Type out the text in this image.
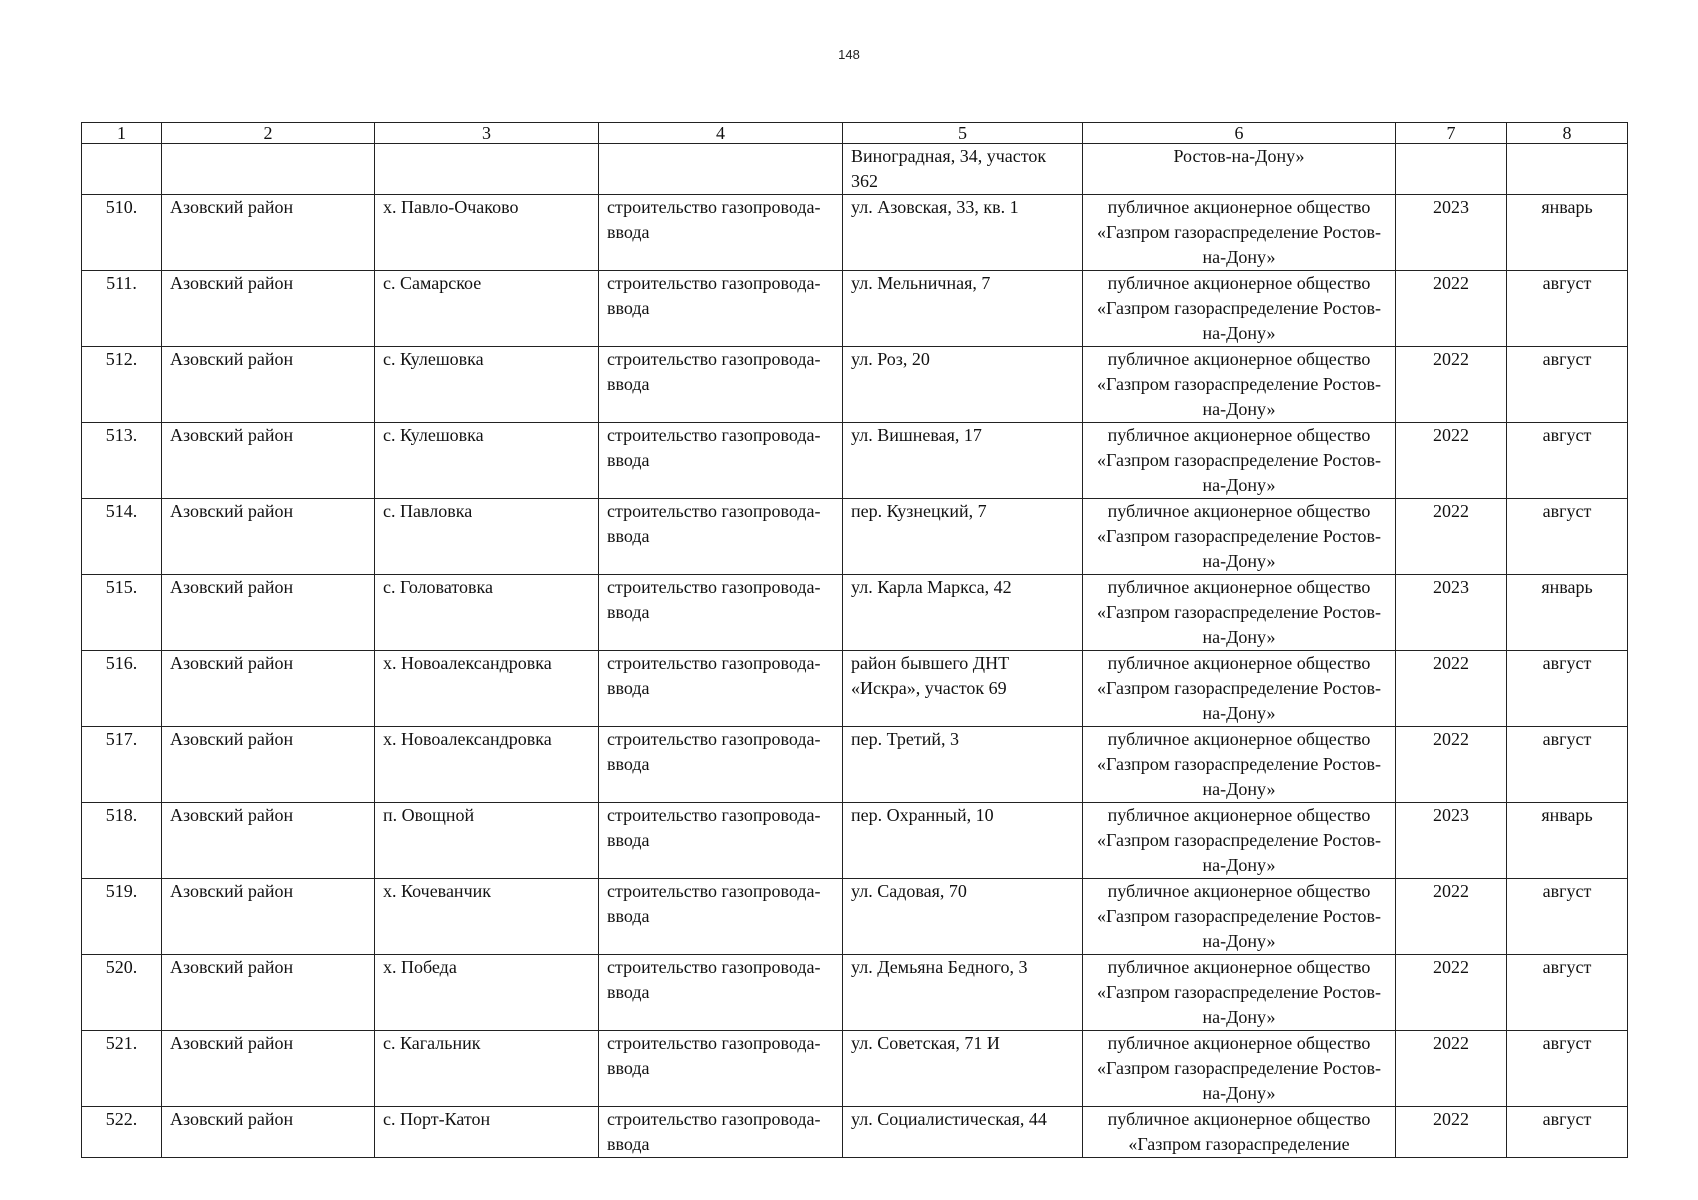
148
1	2	3	4	5	6	7	8
				Виноградная, 34, участок 362	Ростов-на-Дону»		
510.	Азовский район	х. Павло-Очаково	строительство газопровода-ввода	ул. Азовская, 33, кв. 1	публичное акционерное общество «Газпром газораспределение Ростов-на-Дону»	2023	январь
511.	Азовский район	с. Самарское	строительство газопровода-ввода	ул. Мельничная, 7	публичное акционерное общество «Газпром газораспределение Ростов-на-Дону»	2022	август
512.	Азовский район	с. Кулешовка	строительство газопровода-ввода	ул. Роз, 20	публичное акционерное общество «Газпром газораспределение Ростов-на-Дону»	2022	август
513.	Азовский район	с. Кулешовка	строительство газопровода-ввода	ул. Вишневая, 17	публичное акционерное общество «Газпром газораспределение Ростов-на-Дону»	2022	август
514.	Азовский район	с. Павловка	строительство газопровода-ввода	пер. Кузнецкий, 7	публичное акционерное общество «Газпром газораспределение Ростов-на-Дону»	2022	август
515.	Азовский район	с. Головатовка	строительство газопровода-ввода	ул. Карла Маркса, 42	публичное акционерное общество «Газпром газораспределение Ростов-на-Дону»	2023	январь
516.	Азовский район	х. Новоалександровка	строительство газопровода-ввода	район бывшего ДНТ «Искра», участок 69	публичное акционерное общество «Газпром газораспределение Ростов-на-Дону»	2022	август
517.	Азовский район	х. Новоалександровка	строительство газопровода-ввода	пер. Третий, 3	публичное акционерное общество «Газпром газораспределение Ростов-на-Дону»	2022	август
518.	Азовский район	п. Овощной	строительство газопровода-ввода	пер. Охранный, 10	публичное акционерное общество «Газпром газораспределение Ростов-на-Дону»	2023	январь
519.	Азовский район	х. Кочеванчик	строительство газопровода-ввода	ул. Садовая, 70	публичное акционерное общество «Газпром газораспределение Ростов-на-Дону»	2022	август
520.	Азовский район	х. Победа	строительство газопровода-ввода	ул. Демьяна Бедного, 3	публичное акционерное общество «Газпром газораспределение Ростов-на-Дону»	2022	август
521.	Азовский район	с. Кагальник	строительство газопровода-ввода	ул. Советская, 71 И	публичное акционерное общество «Газпром газораспределение Ростов-на-Дону»	2022	август
522.	Азовский район	с. Порт-Катон	строительство газопровода-ввода	ул. Социалистическая, 44	публичное акционерное общество «Газпром газораспределение	2022	август
